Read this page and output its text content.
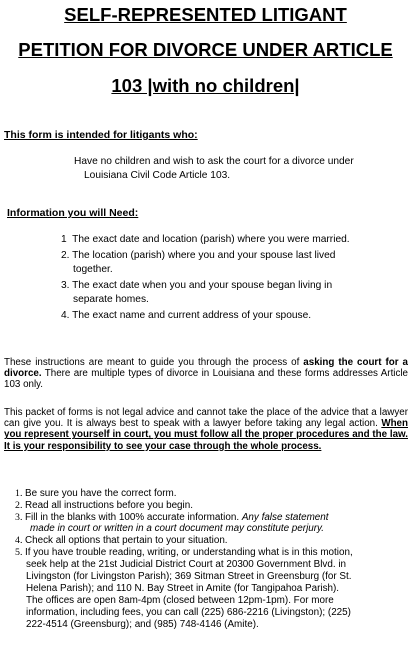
SELF-REPRESENTED LITIGANT
PETITION FOR DIVORCE UNDER ARTICLE
103 |with no children|
This form is intended for litigants who:
Have no children and wish to ask the court for a divorce under
Louisiana Civil Code Article 103.
Information you will Need:
1 The exact date and location (parish) where you were married.
2. The location (parish) where you and your spouse last lived
together.
3. The exact date when you and your spouse began living in
separate homes.
4. The exact name and current address of your spouse.
These instructions are meant to guide you through the process of asking the court for a divorce. There are multiple types of divorce in Louisiana and these forms addresses Article 103 only.
This packet of forms is not legal advice and cannot take the place of the advice that a lawyer can give you. It is always best to speak with a lawyer before taking any legal action. When you represent yourself in court, you must follow all the proper procedures and the law. It is your responsibility to see your case through the whole process.
1. Be sure you have the correct form.
2. Read all instructions before you begin.
3. Fill in the blanks with 100% accurate information. Any false statement
made in court or written in a court document may constitute perjury.
4. Check all options that pertain to your situation.
5. If you have trouble reading, writing, or understanding what is in this motion,
seek help at the 21st Judicial District Court at 20300 Government Blvd. in
Livingston (for Livingston Parish); 369 Sitman Street in Greensburg (for St.
Helena Parish); and 110 N. Bay Street in Amite (for Tangipahoa Parish).
The offices are open 8am-4pm (closed between 12pm-1pm). For more
information, including fees, you can call (225) 686-2216 (Livingston); (225)
222-4514 (Greensburg); and (985) 748-4146 (Amite).
